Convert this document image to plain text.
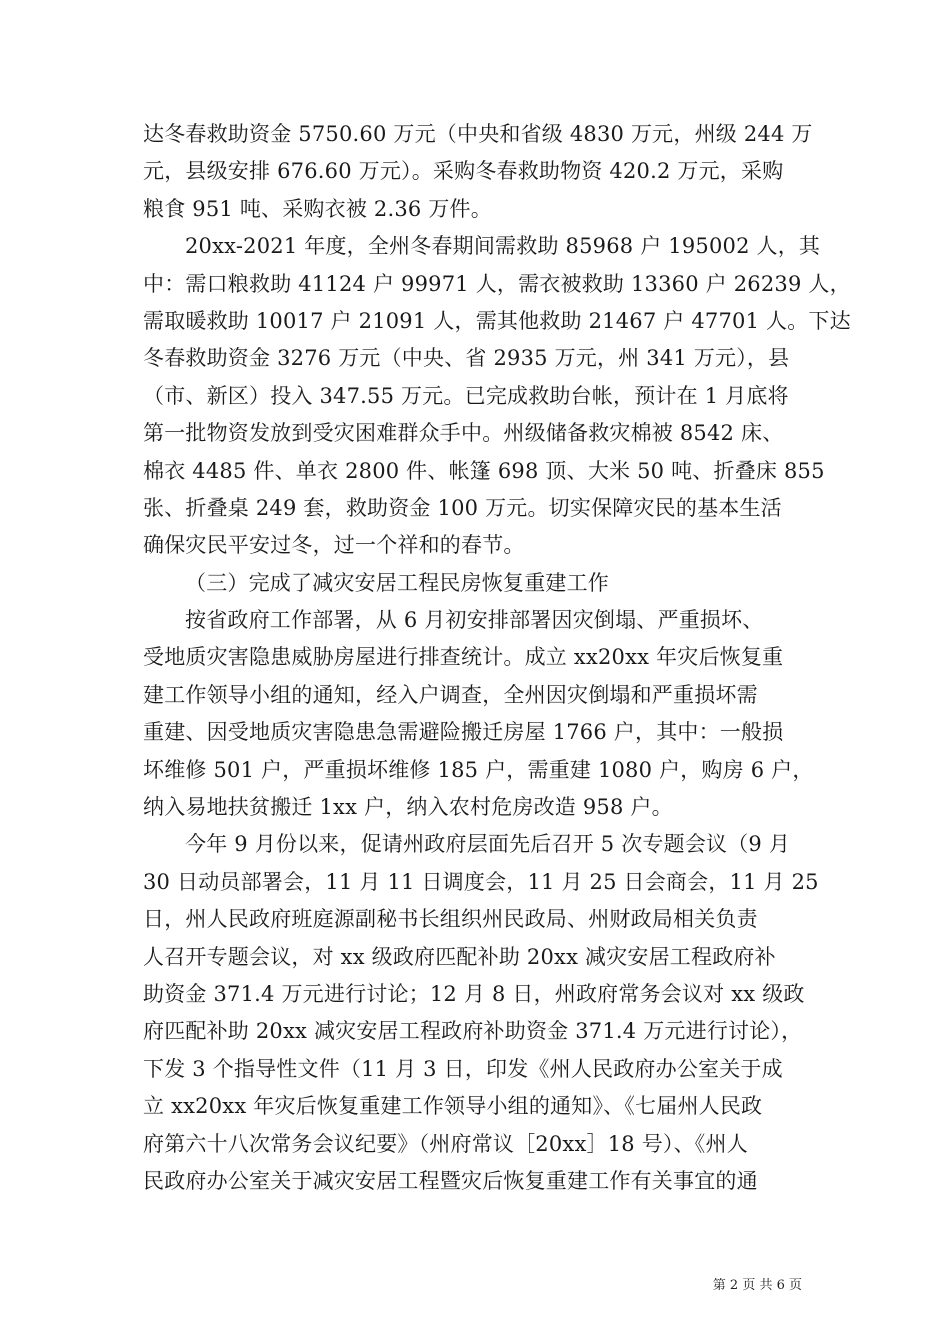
达冬春救助资金 5750.60 万元（中央和省级 4830 万元，州级 244 万
元，县级安排 676.60 万元）。采购冬春救助物资 420.2 万元，采购
粮食 951 吨、采购衣被 2.36 万件。
20xx-2021 年度，全州冬春期间需救助 85968 户 195002 人，其
中：需口粮救助 41124 户 99971 人，需衣被救助 13360 户 26239 人，
需取暖救助 10017 户 21091 人，需其他救助 21467 户 47701 人。下达
冬春救助资金 3276 万元（中央、省 2935 万元，州 341 万元），县
（市、新区）投入 347.55 万元。已完成救助台帐，预计在 1 月底将
第一批物资发放到受灾困难群众手中。州级储备救灾棉被 8542 床、
棉衣 4485 件、单衣 2800 件、帐篷 698 顶、大米 50 吨、折叠床 855
张、折叠桌 249 套，救助资金 100 万元。切实保障灾民的基本生活
确保灾民平安过冬，过一个祥和的春节。
（三）完成了减灾安居工程民房恢复重建工作
按省政府工作部署，从 6 月初安排部署因灾倒塌、严重损坏、
受地质灾害隐患威胁房屋进行排查统计。成立 xx20xx 年灾后恢复重
建工作领导小组的通知，经入户调查，全州因灾倒塌和严重损坏需
重建、因受地质灾害隐患急需避险搬迁房屋 1766 户，其中：一般损
坏维修 501 户，严重损坏维修 185 户，需重建 1080 户，购房 6 户，
纳入易地扶贫搬迁 1xx 户，纳入农村危房改造 958 户。
今年 9 月份以来，促请州政府层面先后召开 5 次专题会议（9 月
30 日动员部署会，11 月 11 日调度会，11 月 25 日会商会，11 月 25
日，州人民政府班庭源副秘书长组织州民政局、州财政局相关负责
人召开专题会议，对 xx 级政府匹配补助 20xx 减灾安居工程政府补
助资金 371.4 万元进行讨论；12 月 8 日，州政府常务会议对 xx 级政
府匹配补助 20xx 减灾安居工程政府补助资金 371.4 万元进行讨论），
下发 3 个指导性文件（11 月 3 日，印发《州人民政府办公室关于成
立 xx20xx 年灾后恢复重建工作领导小组的通知》、《七届州人民政
府第六十八次常务会议纪要》（州府常议［20xx］18 号）、《州人
民政府办公室关于减灾安居工程暨灾后恢复重建工作有关事宜的通
第 2 页 共 6 页
